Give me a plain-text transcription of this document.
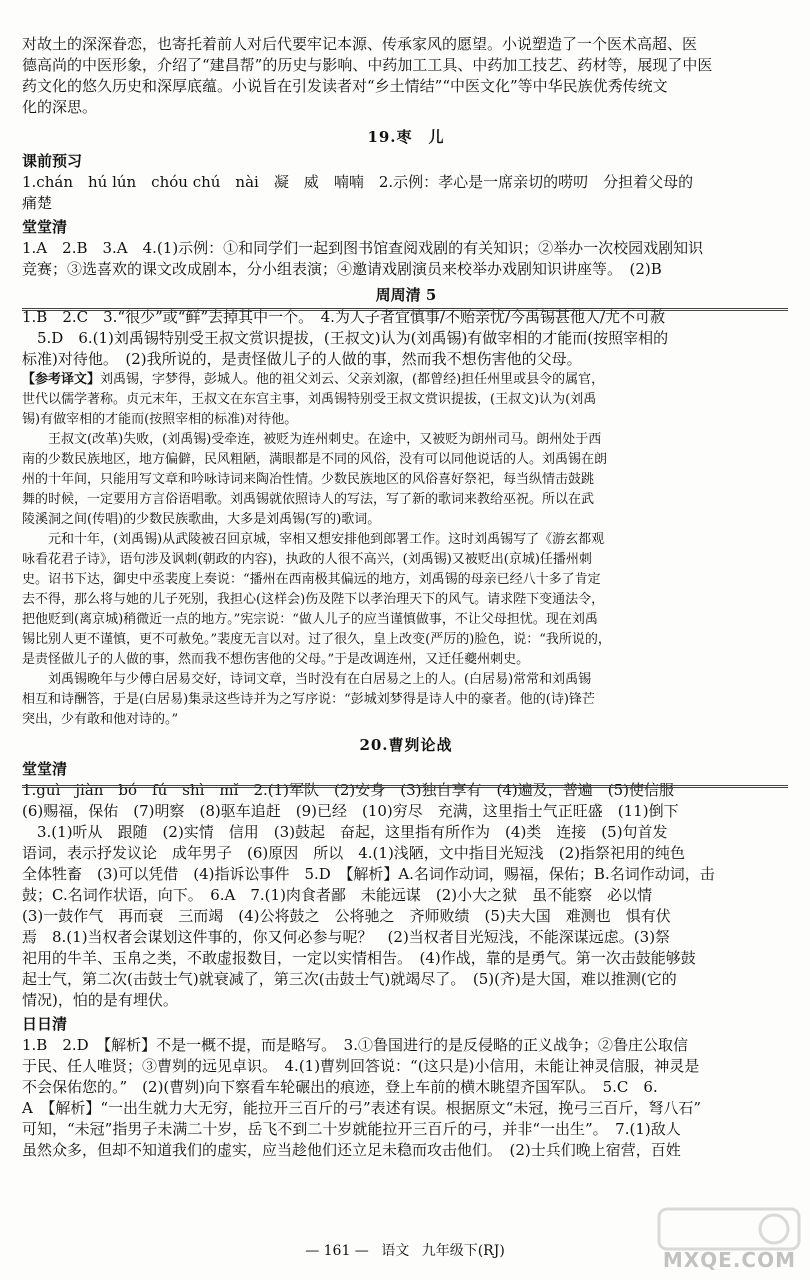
对故土的深深眷恋，也寄托着前人对后代要牢记本源、传承家风的愿望。小说塑造了一个医术高超、医

德高尚的中医形象，介绍了“建昌帮”的历史与影响、中药加工工具、中药加工技艺、药材等，展现了中医

药文化的悠久历史和深厚底蕴。小说旨在引发读者对“乡土情结”“中医文化”等中华民族优秀传统文

化的深思。

19.枣　儿
课前预习

1.chán　hú lún　chóu chú　nài　凝　威　喃喃　2.示例：孝心是一席亲切的唠叨　分担着父母的

痛楚

堂堂清

1.A　2.B　3.A　4.(1)示例：①和同学们一起到图书馆查阅戏剧的有关知识；②举办一次校园戏剧知识

竞赛；③选喜欢的课文改成剧本，分小组表演；④邀请戏剧演员来校举办戏剧知识讲座等。　(2)B

周周清 5

1.B　2.C　3.“很少”或“鲜”去掉其中一个。　4.为人子者宜慎事/不贻亲忧/今禹锡甚他人/尤不可赦

　5.D　6.(1)刘禹锡特别受王叔文赏识提拔，(王叔文)认为(刘禹锡)有做宰相的才能而(按照宰相的

标准)对待他。　(2)我所说的，是责怪做儿子的人做的事，然而我不想伤害他的父母。

【参考译文】刘禹锡，字梦得，彭城人。他的祖父刘云、父亲刘溆，(都曾经)担任州里或县令的属官，

世代以儒学著称。贞元末年，王叔文在东宫主事，刘禹锡特别受王叔文赏识提拔，(王叔文)认为(刘禹

锡)有做宰相的才能而(按照宰相的标准)对待他。

王叔文(改革)失败，(刘禹锡)受牵连，被贬为连州刺史。在途中，又被贬为朗州司马。朗州处于西

南的少数民族地区，地方偏僻，民风粗陋，满眼都是不同的风俗，没有可以同他说话的人。刘禹锡在朗

州的十年间，只能用写文章和吟咏诗词来陶冶性情。少数民族地区的风俗喜好祭祀，每当纵情击鼓跳

舞的时候，一定要用方言俗语唱歌。刘禹锡就依照诗人的写法，写了新的歌词来教给巫祝。所以在武

陵溪洞之间(传唱)的少数民族歌曲，大多是刘禹锡(写的)歌词。

元和十年，(刘禹锡)从武陵被召回京城，宰相又想安排他到郎署工作。这时刘禹锡写了《游玄都观

咏看花君子诗》，语句涉及讽刺(朝政的内容)，执政的人很不高兴，(刘禹锡)又被贬出(京城)任播州刺

史。诏书下达，御史中丞裴度上奏说：“播州在西南极其偏远的地方，刘禹锡的母亲已经八十多了肯定

去不得，那么将与她的儿子死别，我担心(这样会)伤及陛下以孝治理天下的风气。请求陛下变通法令，

把他贬到(离京城)稍微近一点的地方。”宪宗说：“做人儿子的应当谨慎做事，不让父母担忧。现在刘禹

锡比别人更不谨慎，更不可赦免。”裴度无言以对。过了很久，皇上改变(严厉的)脸色，说：“我所说的，

是责怪做儿子的人做的事，然而我不想伤害他的父母。”于是改调连州，又迁任夔州刺史。

刘禹锡晚年与少傅白居易交好，诗词文章，当时没有在白居易之上的人。(白居易)常常和刘禹锡

相互和诗酬答，于是(白居易)集录这些诗并为之写序说：“彭城刘梦得是诗人中的豪者。他的(诗)锋芒

突出，少有敢和他对诗的。”

20.曹刿论战
堂堂清

1.guì　jiàn　bó　fú　shì　mǐ　2.(1)军队　(2)安身　(3)独自享有　(4)遍及，普遍　(5)使信服

(6)赐福，保佑　(7)明察　(8)驱车追赶　(9)已经　(10)穷尽　充满，这里指士气正旺盛　(11)倒下

　3.(1)听从　跟随　(2)实情　信用　(3)鼓起　奋起，这里指有所作为　(4)类　连接　(5)句首发

语词，表示抒发议论　成年男子　(6)原因　所以　4.(1)浅陋，文中指目光短浅　(2)指祭祀用的纯色

全体牲畜　(3)可以凭借　(4)指诉讼事件　5.D　【解析】A.名词作动词，赐福，保佑；B.名词作动词，击

鼓；C.名词作状语，向下。　6.A　7.(1)肉食者鄙　未能远谋　(2)小大之狱　虽不能察　必以情

(3)一鼓作气　再而衰　三而竭　(4)公将鼓之　公将驰之　齐师败绩　(5)夫大国　难测也　惧有伏

焉　8.(1)当权者会谋划这件事的，你又何必参与呢？　(2)当权者目光短浅，不能深谋远虑。(3)祭

祀用的牛羊、玉帛之类，不敢虚报数目，一定以实情相告。　(4)作战，靠的是勇气。第一次击鼓能够鼓

起士气，第二次(击鼓士气)就衰减了，第三次(击鼓士气)就竭尽了。　(5)(齐)是大国，难以推测(它的

情况)，怕的是有埋伏。

日日清

1.B　2.D　【解析】不是一概不提，而是略写。　3.①鲁国进行的是反侵略的正义战争；②鲁庄公取信

于民、任人唯贤；③曹刿的远见卓识。　4.(1)曹刿回答说：“(这只是)小信用，未能让神灵信服，神灵是

不会保佑您的。”　(2)(曹刿)向下察看车轮碾出的痕迹，登上车前的横木眺望齐国军队。　5.C　6.

A　【解析】“一出生就力大无穷，能拉开三百斤的弓”表述有误。根据原文“未冠，挽弓三百斤，弩八石”

可知，“未冠”指男子未满二十岁，岳飞不到二十岁就能拉开三百斤的弓，并非“一出生”。　7.(1)敌人

虽然众多，但却不知道我们的虚实，应当趁他们还立足未稳而攻击他们。　(2)士兵们晚上宿营，百姓

— 161 — 语文 九年级下(RJ)	MXQE.COM
